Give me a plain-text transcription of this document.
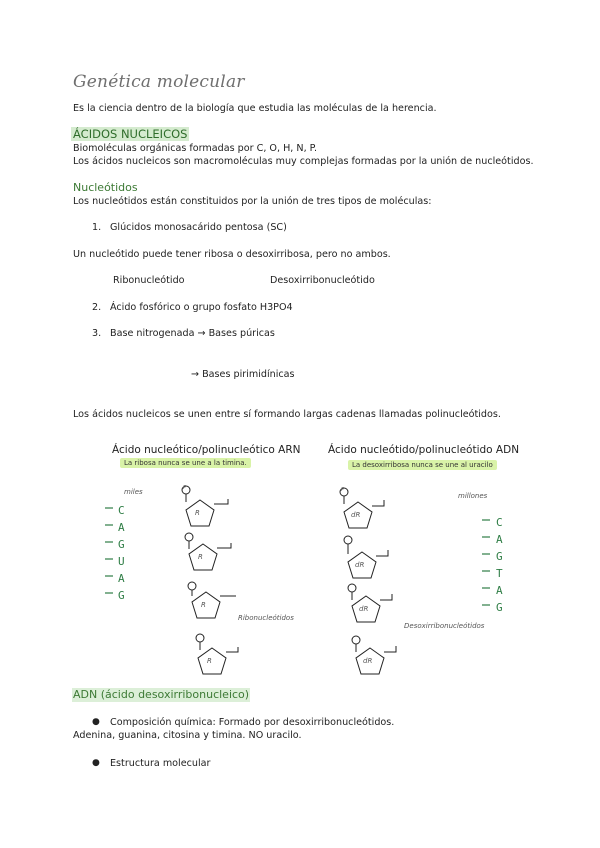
Genética molecular
Es la ciencia dentro de la biología que estudia las moléculas de la herencia.
ÁCIDOS NUCLEICOS
Biomoléculas orgánicas formadas por C, O, H, N, P.
Los ácidos nucleicos son macromoléculas muy complejas formadas por la unión de nucleótidos.
Nucleótidos
Los nucleótidos están constituidos por la unión de tres tipos de moléculas:
1. Glúcidos monosacárido pentosa (SC)
Un nucleótido puede tener ribosa o desoxirribosa, pero no ambos.
Ribonucleótido	Desoxirribonucleótido
2. Ácido fosfórico o grupo fosfato H3PO4
3. Base nitrogenada → Bases púricas
→ Bases pirimidínicas
Los ácidos nucleicos se unen entre sí formando largas cadenas llamadas polinucleótidos.
Ácido nucleótico/polinucleótico ARN
La ribosa nunca se une a la timina.
Ácido nucleótido/polinucleótido ADN
La desoxirribosa nunca se une al uracilo
miles	millones
C
A
G
U
A
G
C
A
G
T
A
G
Ribonucleótidos
Desoxirribonucleótidos
R
R
R
R
dR
dR
dR
dR
P	P
ADN (ácido desoxirribonucleico)
● Composición química: Formado por desoxirribonucleótidos.
Adenina, guanina, citosina y timina. NO uracilo.
● Estructura molecular
